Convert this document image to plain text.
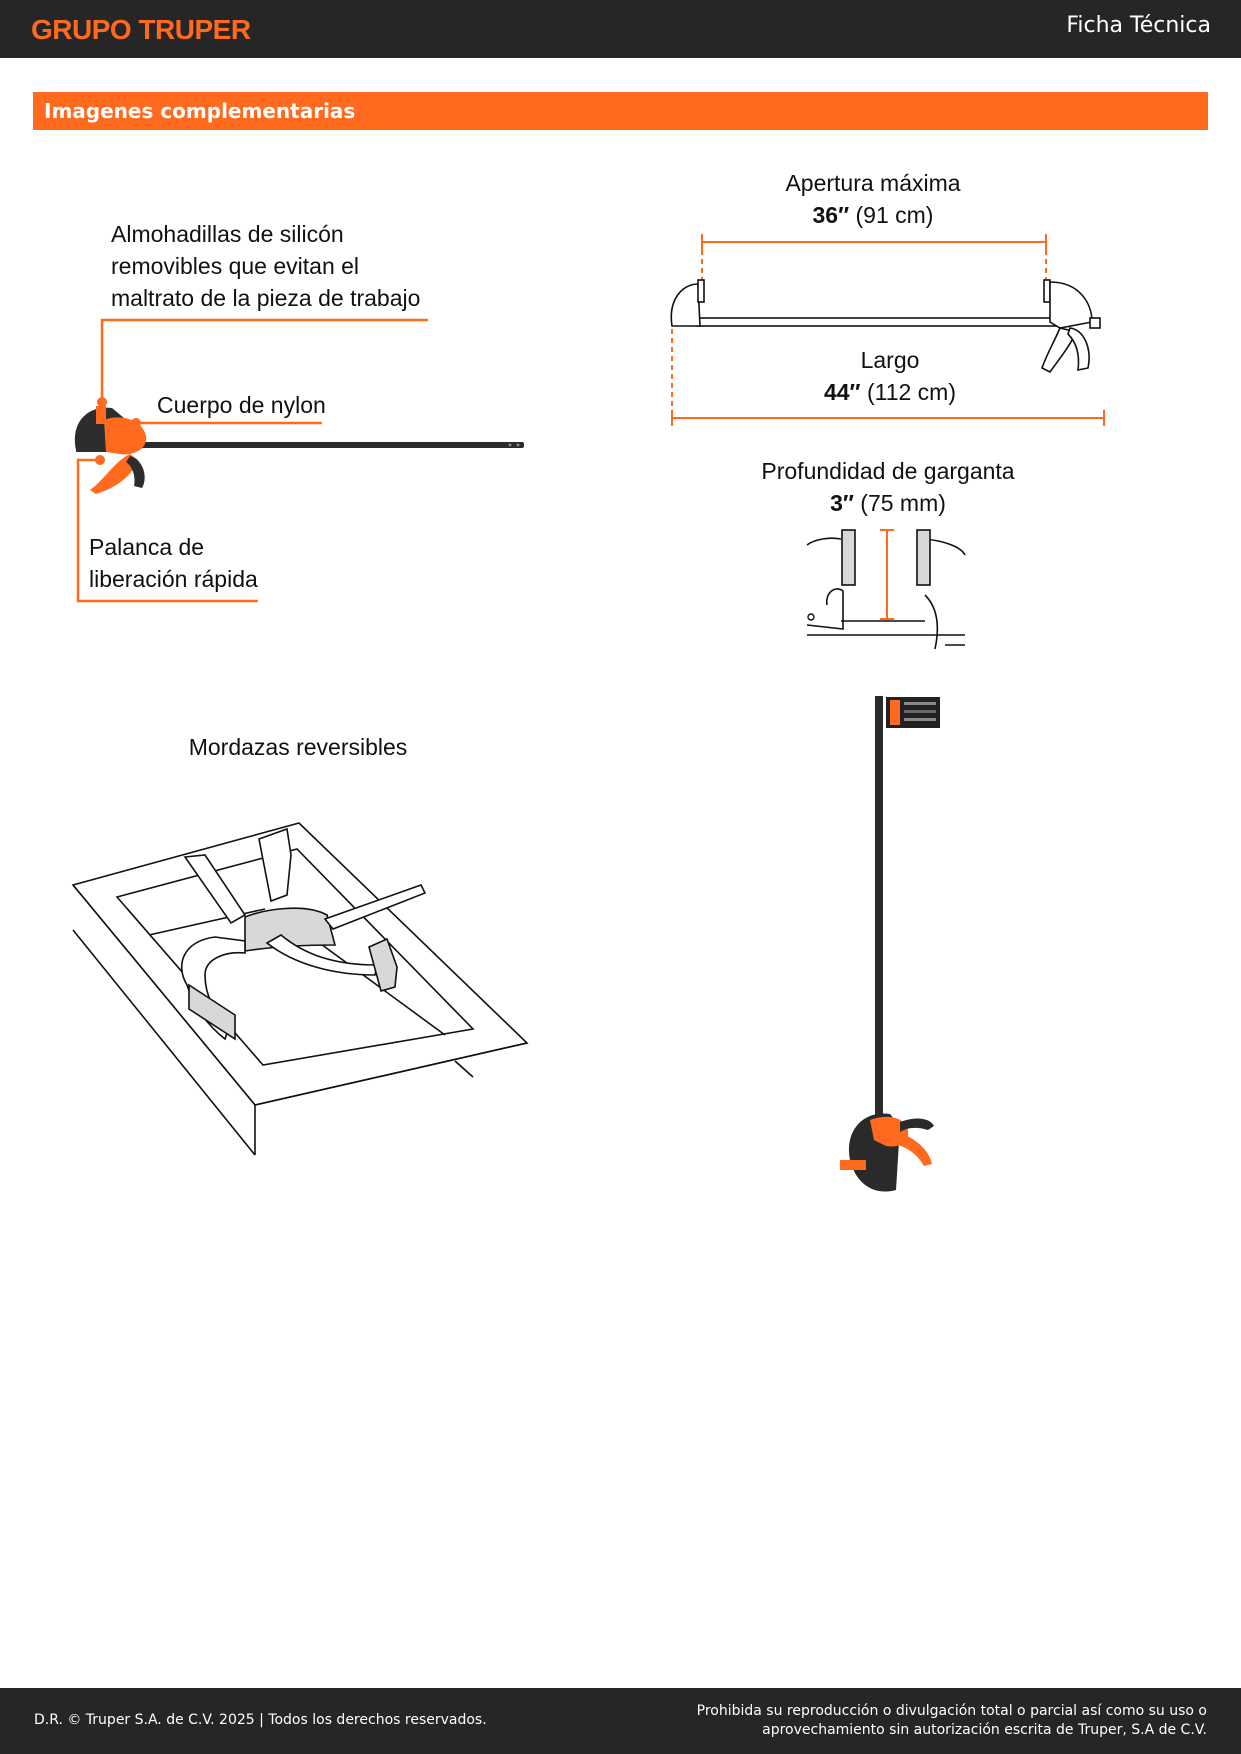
GRUPO TRUPER	Ficha Técnica
Imagenes complementarias
Almohadillas de silicón
removibles que evitan el
maltrato de la pieza de trabajo
Cuerpo de nylon
Palanca de
liberación rápida
Apertura máxima
36″ (91 cm)
Largo
44″ (112 cm)
Profundidad de garganta
3″ (75 mm)
Mordazas reversibles
D.R. © Truper S.A. de C.V. 2025 | Todos los derechos reservados.
Prohibida su reproducción o divulgación total o parcial así como su uso o
aprovechamiento sin autorización escrita de Truper, S.A de C.V.
